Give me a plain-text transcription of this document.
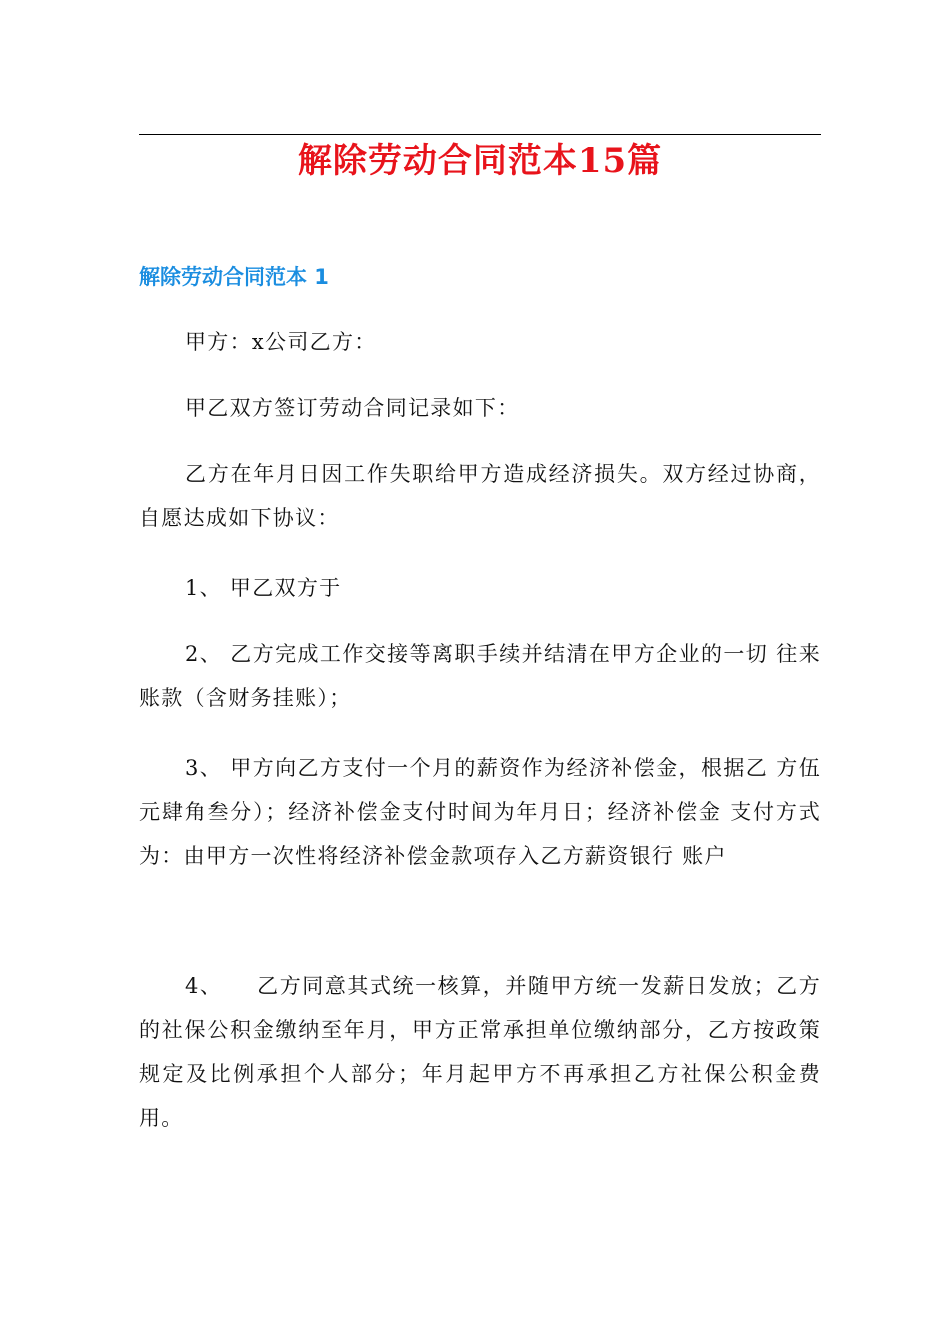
解除劳动合同范本15篇
解除劳动合同范本 1

甲方：x公司乙方：

甲乙双方签订劳动合同记录如下：

乙方在年月日因工作失职给甲方造成经济损失。双方经过协商，自愿达成如下协议：

1、 甲乙双方于

2、 乙方完成工作交接等离职手续并结清在甲方企业的一切 往来账款（含财务挂账）；

3、 甲方向乙方支付一个月的薪资作为经济补偿金，根据乙 方伍元肆角叁分）；经济补偿金支付时间为年月日；经济补偿金 支付方式为：由甲方一次性将经济补偿金款项存入乙方薪资银行 账户

4、　　乙方同意其式统一核算，并随甲方统一发薪日发放；乙方的社保公积金缴纳至年月，甲方正常承担单位缴纳部分，乙方按政策规定及比例承担个人部分；年月起甲方不再承担乙方社保公积金费用。
